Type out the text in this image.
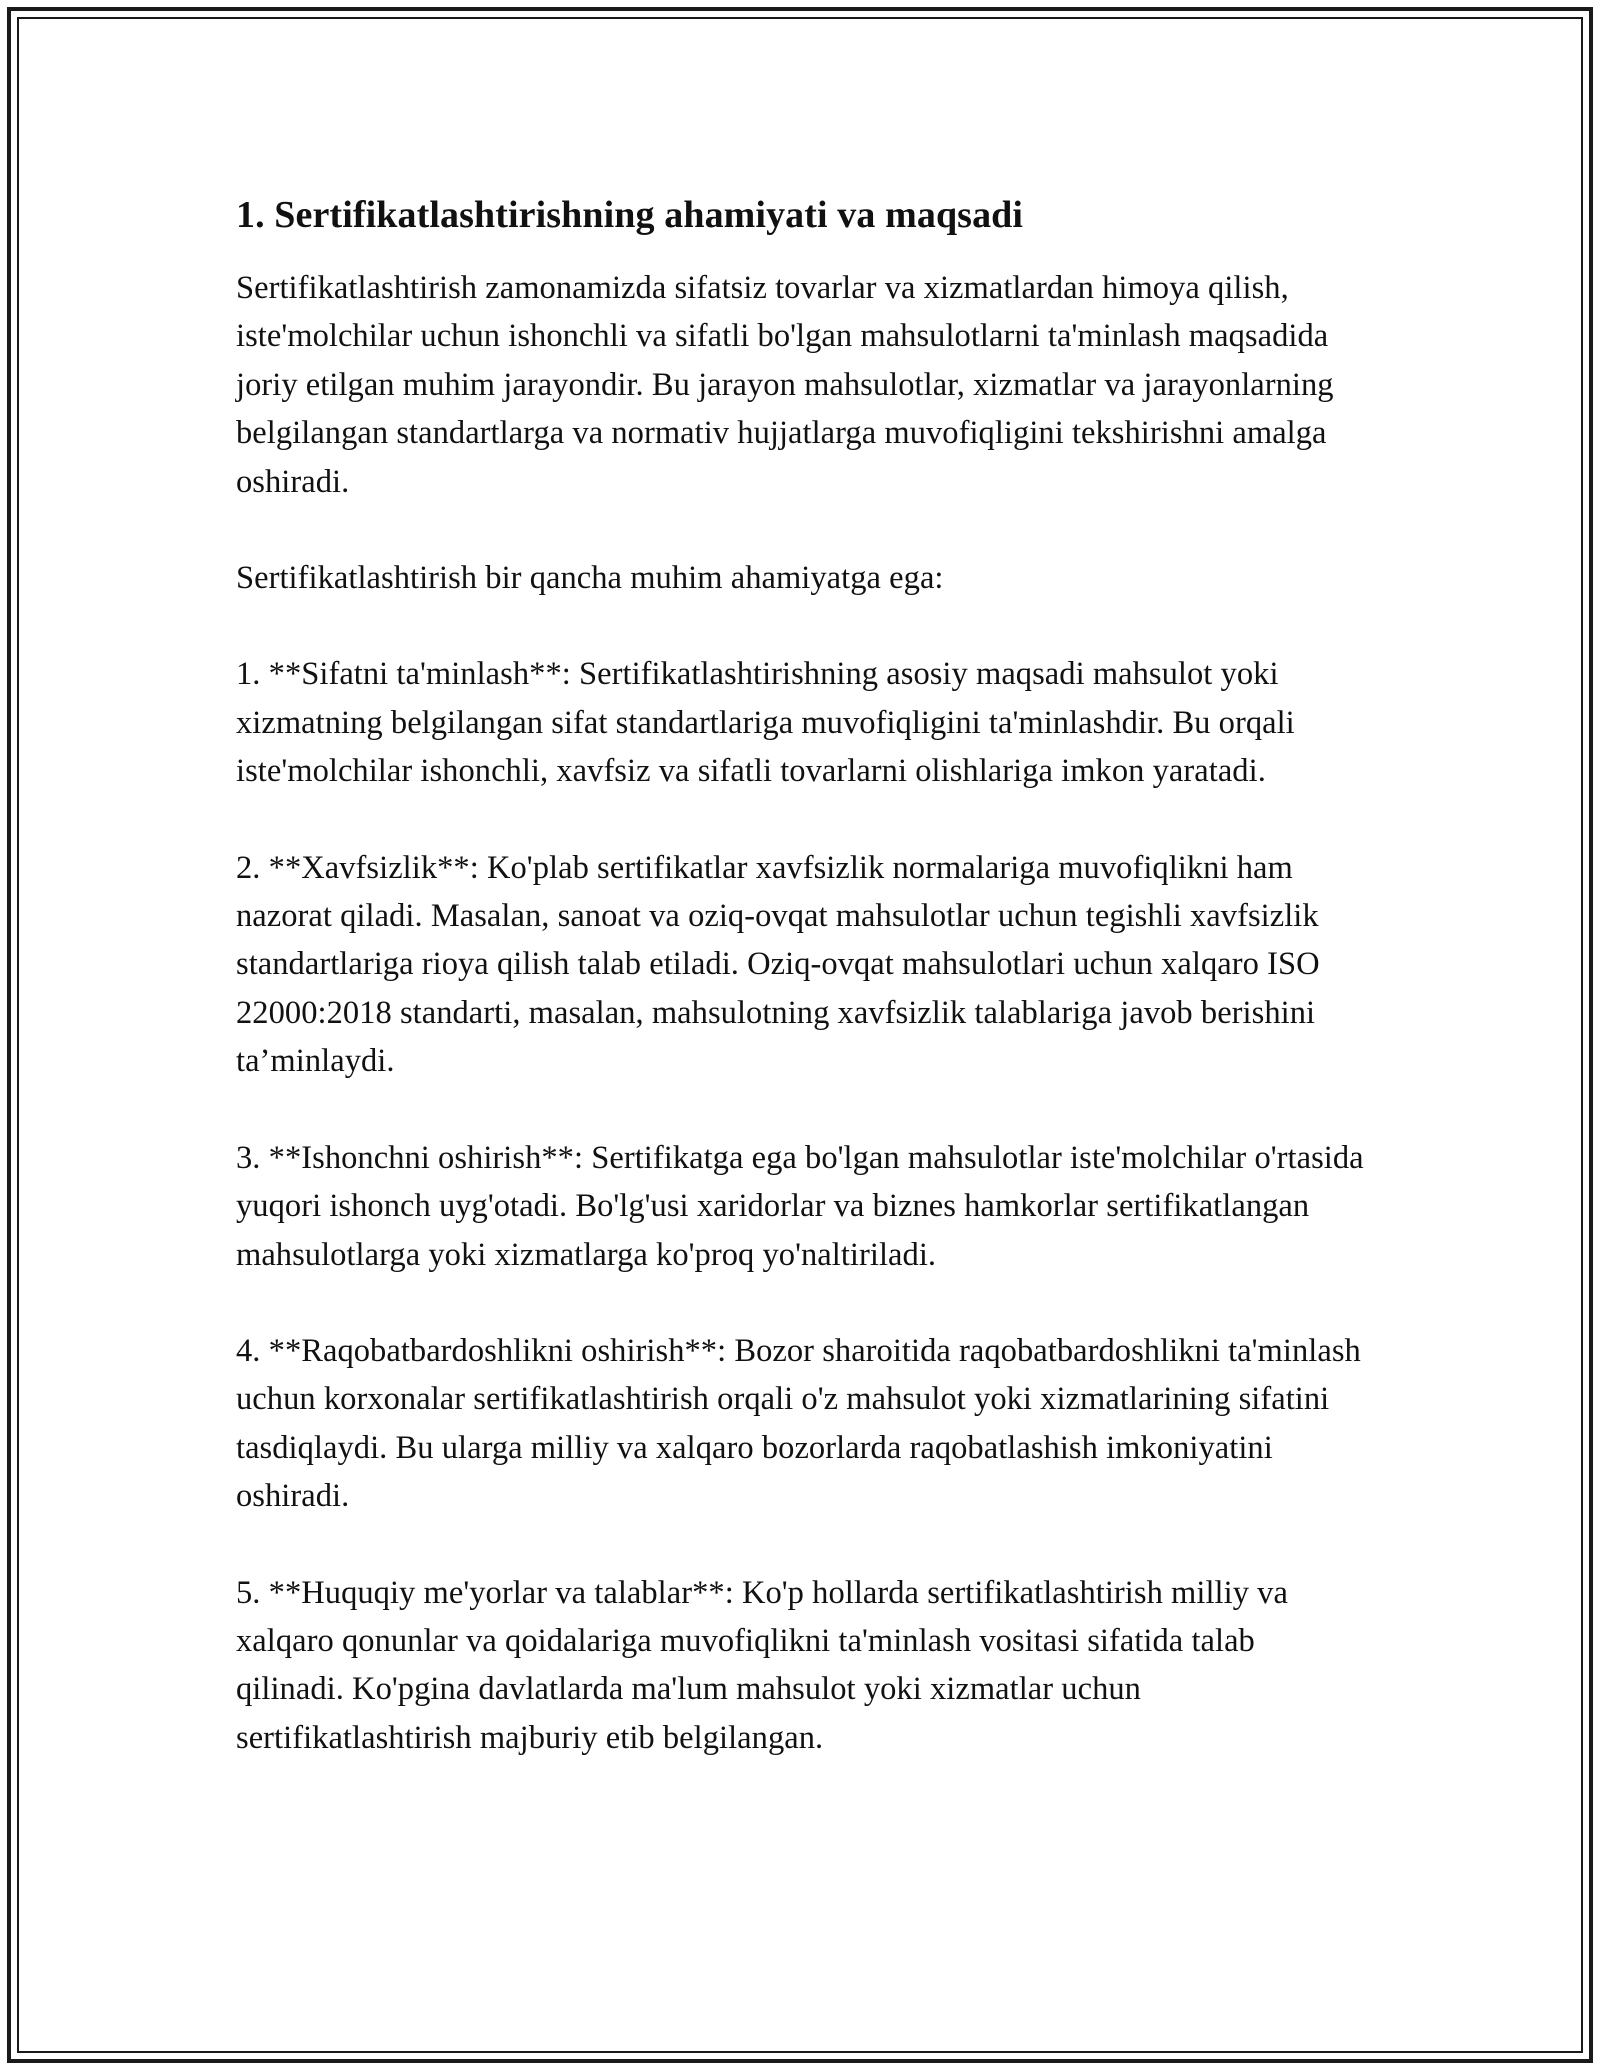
1. Sertifikatlashtirishning ahamiyati va maqsadi

Sertifikatlashtirish zamonamizda sifatsiz tovarlar va xizmatlardan himoya qilish, iste'molchilar uchun ishonchli va sifatli bo'lgan mahsulotlarni ta'minlash maqsadida joriy etilgan muhim jarayondir. Bu jarayon mahsulotlar, xizmatlar va jarayonlarning belgilangan standartlarga va normativ hujjatlarga muvofiqligini tekshirishni amalga oshiradi.

Sertifikatlashtirish bir qancha muhim ahamiyatga ega:

1. **Sifatni ta'minlash**: Sertifikatlashtirishning asosiy maqsadi mahsulot yoki xizmatning belgilangan sifat standartlariga muvofiqligini ta'minlashdir. Bu orqali iste'molchilar ishonchli, xavfsiz va sifatli tovarlarni olishlariga imkon yaratadi.

2. **Xavfsizlik**: Ko'plab sertifikatlar xavfsizlik normalariga muvofiqlikni ham nazorat qiladi. Masalan, sanoat va oziq-ovqat mahsulotlar uchun tegishli xavfsizlik standartlariga rioya qilish talab etiladi. Oziq-ovqat mahsulotlari uchun xalqaro ISO 22000:2018 standarti, masalan, mahsulotning xavfsizlik talablariga javob berishini ta’minlaydi.

3. **Ishonchni oshirish**: Sertifikatga ega bo'lgan mahsulotlar iste'molchilar o'rtasida yuqori ishonch uyg'otadi. Bo'lg'usi xaridorlar va biznes hamkorlar sertifikatlangan mahsulotlarga yoki xizmatlarga ko'proq yo'naltiriladi.

4. **Raqobatbardoshlikni oshirish**: Bozor sharoitida raqobatbardoshlikni ta'minlash uchun korxonalar sertifikatlashtirish orqali o'z mahsulot yoki xizmatlarining sifatini tasdiqlaydi. Bu ularga milliy va xalqaro bozorlarda raqobatlashish imkoniyatini oshiradi.

5. **Huquqiy me'yorlar va talablar**: Ko'p hollarda sertifikatlashtirish milliy va xalqaro qonunlar va qoidalariga muvofiqlikni ta'minlash vositasi sifatida talab qilinadi. Ko'pgina davlatlarda ma'lum mahsulot yoki xizmatlar uchun sertifikatlashtirish majburiy etib belgilangan.
